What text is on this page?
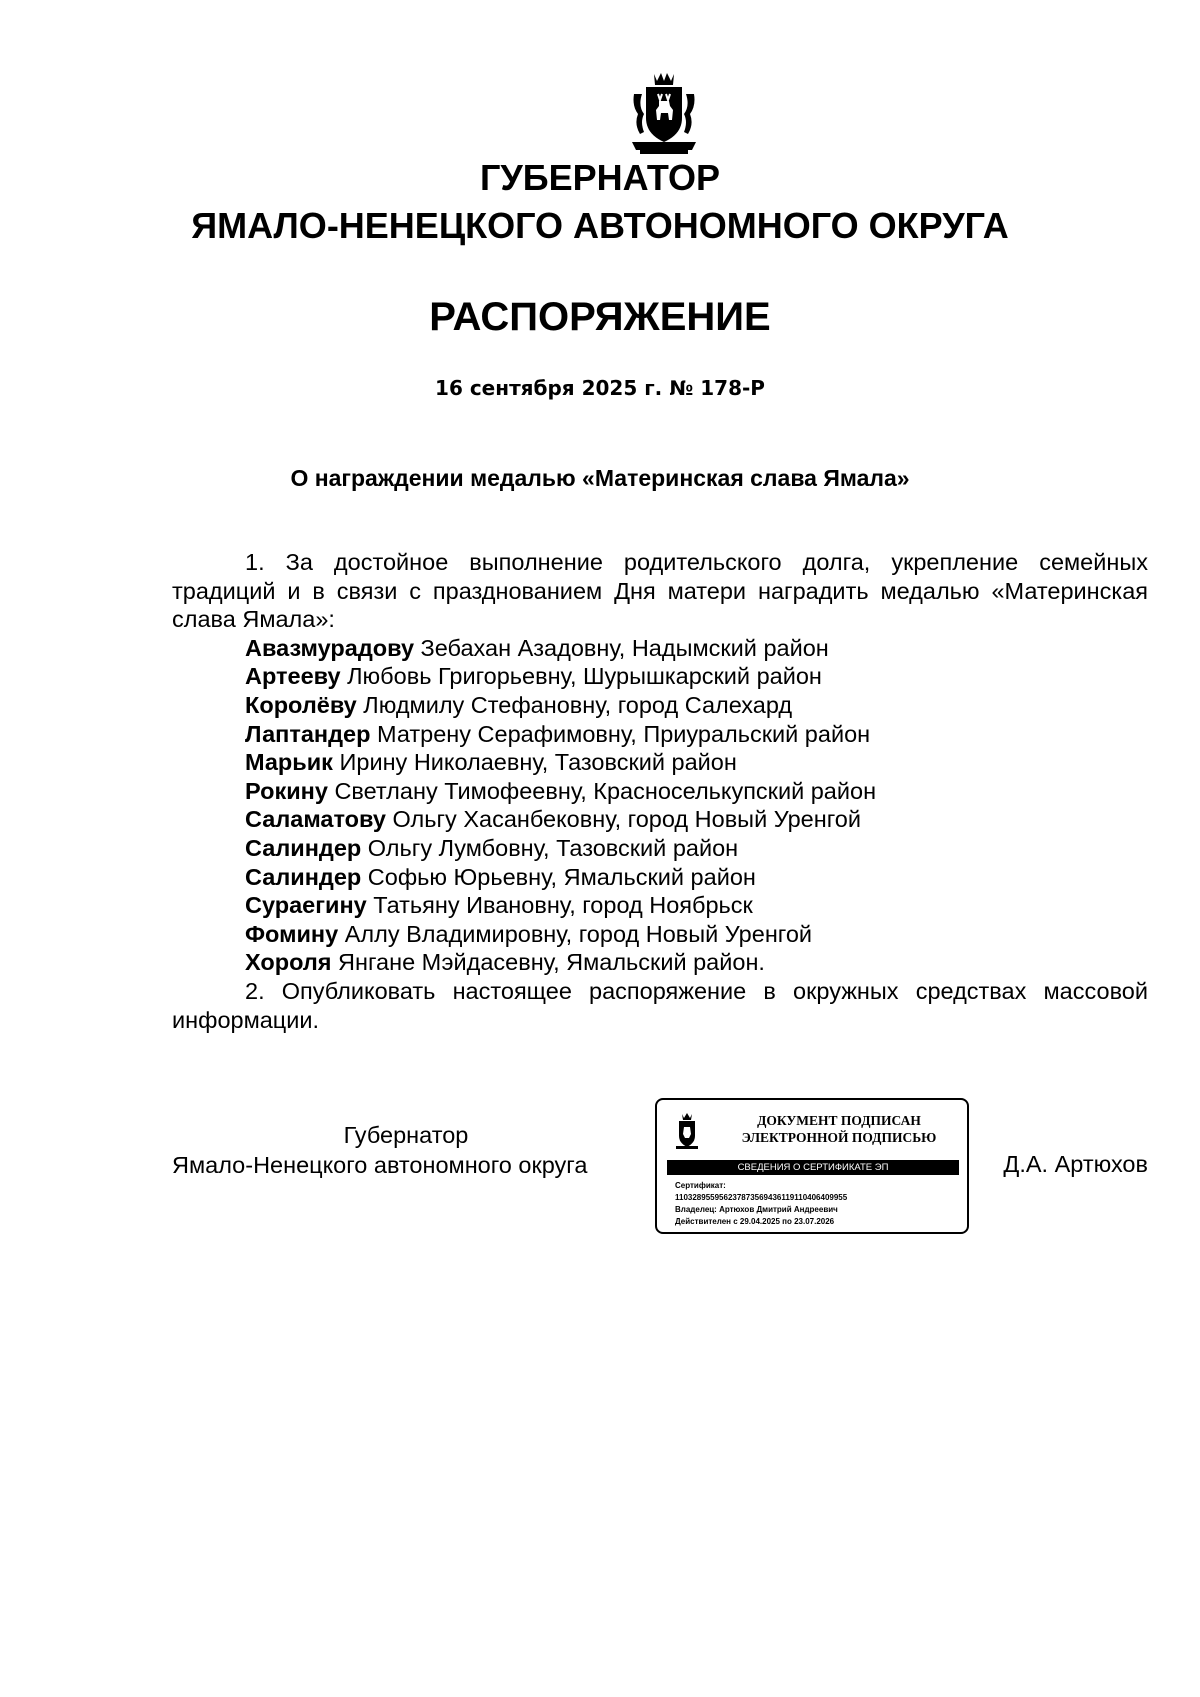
ГУБЕРНАТОР
ЯМАЛО-НЕНЕЦКОГО АВТОНОМНОГО ОКРУГА
РАСПОРЯЖЕНИЕ
16 сентября 2025 г. № 178-Р
О награждении медалью «Материнская слава Ямала»

1. За достойное выполнение родительского долга, укрепление семейных традиций и в связи с празднованием Дня матери наградить медалью «Материнская слава Ямала»:

Авазмурадову Зебахан Азадовну, Надымский район
Артееву Любовь Григорьевну, Шурышкарский район
Королёву Людмилу Стефановну, город Салехард
Лаптандер Матрену Серафимовну, Приуральский район
Марьик Ирину Николаевну, Тазовский район
Рокину Светлану Тимофеевну, Красноселькупский район
Саламатову Ольгу Хасанбековну, город Новый Уренгой
Салиндер Ольгу Лумбовну, Тазовский район
Салиндер Софью Юрьевну, Ямальский район
Сураегину Татьяну Ивановну, город Ноябрьск
Фомину Аллу Владимировну, город Новый Уренгой
Хороля Янгане Мэйдасевну, Ямальский район.

2. Опубликовать настоящее распоряжение в окружных средствах массовой информации.

Губернатор
Ямало-Ненецкого автономного округа
ДОКУМЕНТ ПОДПИСАН
ЭЛЕКТРОННОЙ ПОДПИСЬЮ
СВЕДЕНИЯ О СЕРТИФИКАТЕ ЭП
Сертификат:
110328955956237873569436119110406409955
Владелец: Артюхов Дмитрий Андреевич
Действителен с 29.04.2025 по 23.07.2026
Д.А. Артюхов
